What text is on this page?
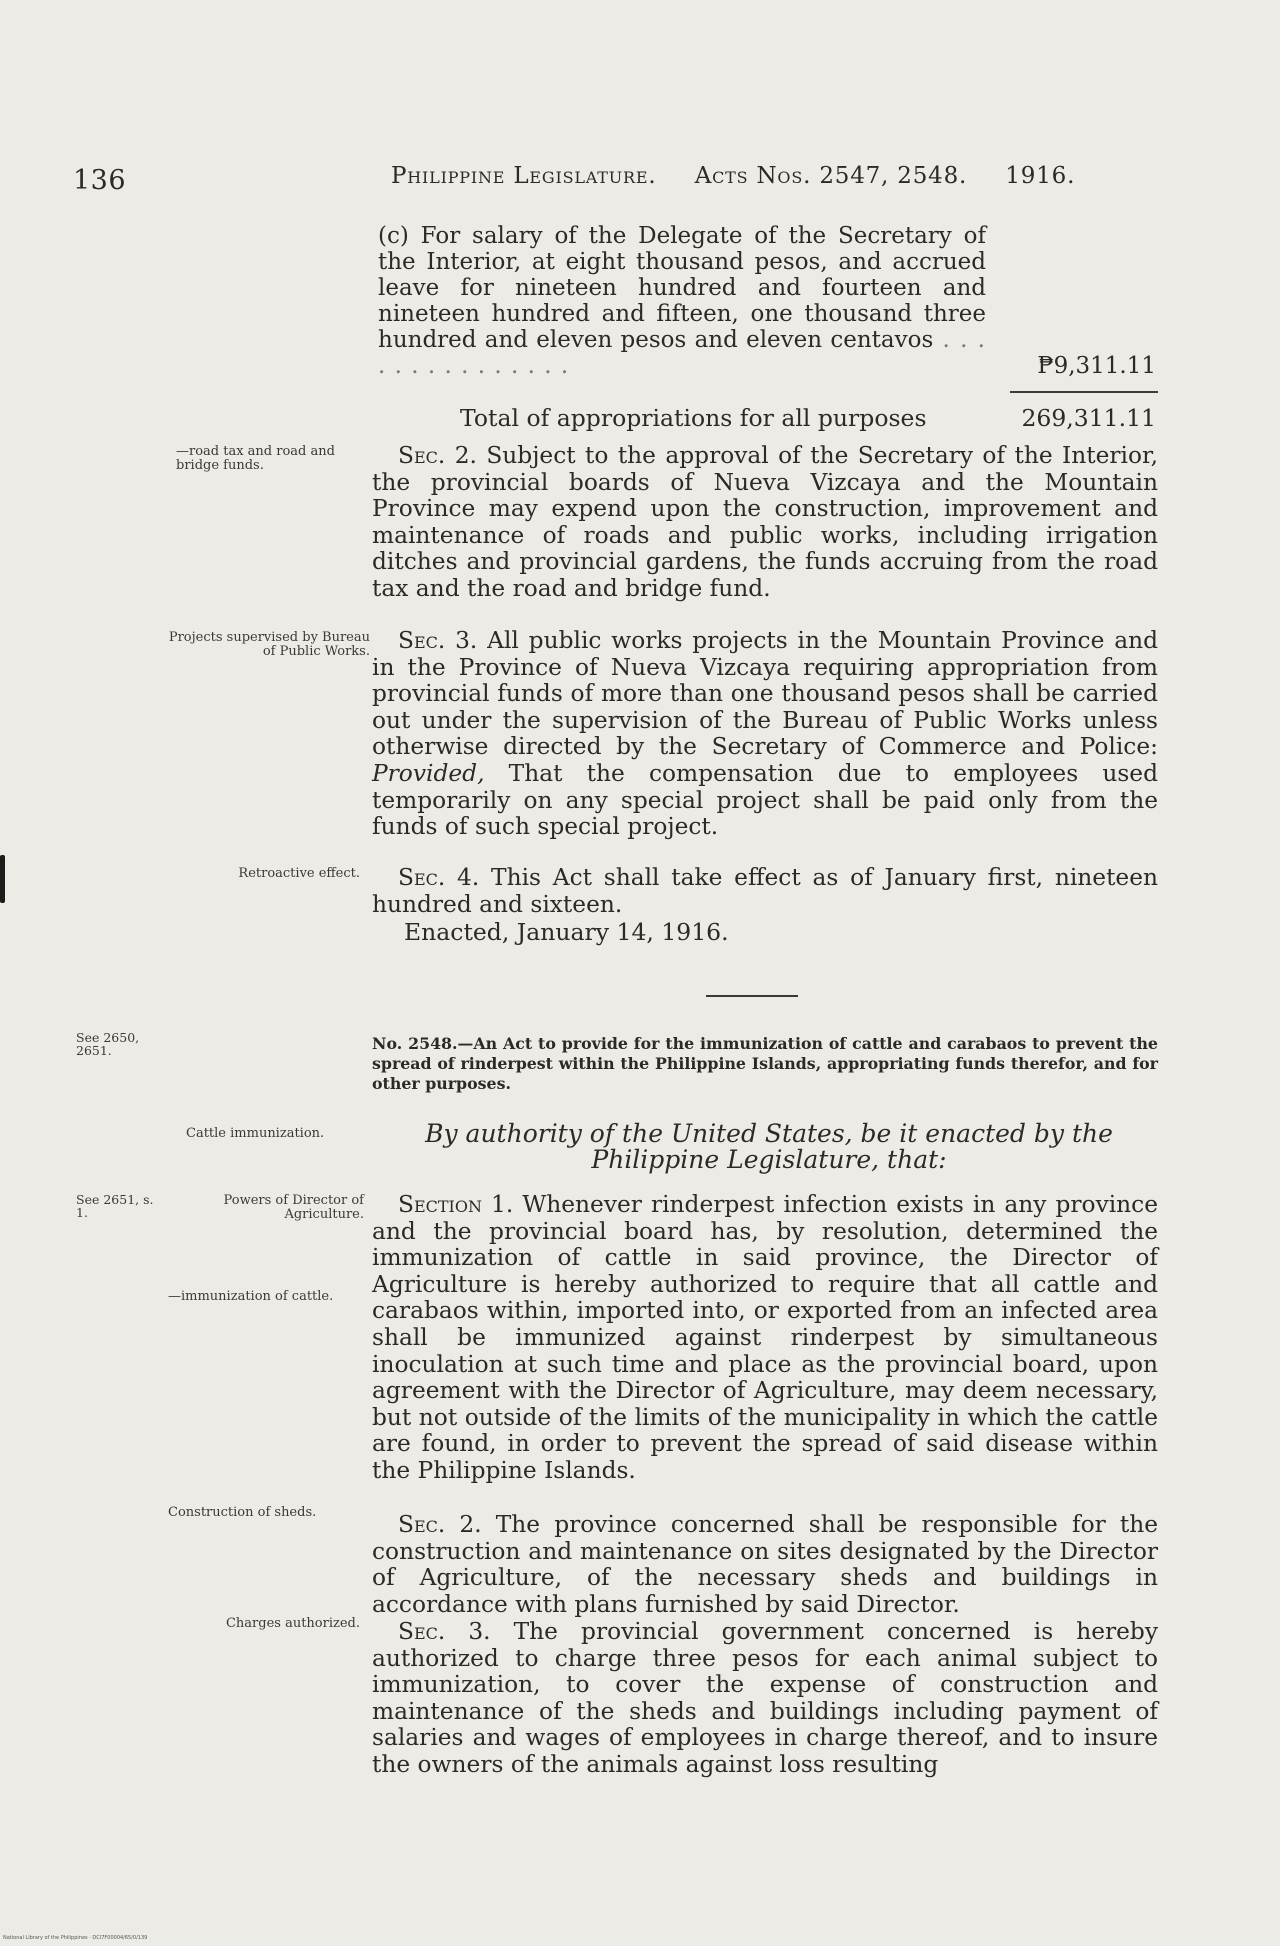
136	Philippine Legislature. Acts Nos. 2547, 2548. 1916.
(c) For salary of the Delegate of the Secretary of the Interior, at eight thousand pesos, and accrued leave for nineteen hundred and fourteen and nineteen hundred and fifteen, one thousand three hundred and eleven pesos and eleven centavos . . . . . . . . . . . . . . .	₱9,311.11
Total of appropriations for all purposes	269,311.11
—road tax and road and bridge funds.	Sec. 2. Subject to the approval of the Secretary of the Interior, the provincial boards of Nueva Vizcaya and the Mountain Province may expend upon the construction, improvement and maintenance of roads and public works, including irrigation ditches and provincial gardens, the funds accruing from the road tax and the road and bridge fund.
Projects supervised by Bureau of Public Works.	Sec. 3. All public works projects in the Mountain Province and in the Province of Nueva Vizcaya requiring appropriation from provincial funds of more than one thousand pesos shall be carried out under the supervision of the Bureau of Public Works unless otherwise directed by the Secretary of Commerce and Police: Provided, That the compensation due to employees used temporarily on any special project shall be paid only from the funds of such special project.
Retroactive effect.	Sec. 4. This Act shall take effect as of January first, nineteen hundred and sixteen.
Enacted, January 14, 1916.
See 2650, 2651.	No. 2548.—An Act to provide for the immunization of cattle and carabaos to prevent the spread of rinderpest within the Philippine Islands, appropriating funds therefor, and for other purposes.
Cattle immunization.	By authority of the United States, be it enacted by the
Philippine Legislature, that:
See 2651, s. 1.
Powers of Director of Agriculture.
—immunization of cattle.
Section 1. Whenever rinderpest infection exists in any province and the provincial board has, by resolution, determined the immunization of cattle in said province, the Director of Agriculture is hereby authorized to require that all cattle and carabaos within, imported into, or exported from an infected area shall be immunized against rinderpest by simultaneous inoculation at such time and place as the provincial board, upon agreement with the Director of Agriculture, may deem necessary, but not outside of the limits of the municipality in which the cattle are found, in order to prevent the spread of said disease within the Philippine Islands.
Construction of sheds.	Sec. 2. The province concerned shall be responsible for the construction and maintenance on sites designated by the Director of Agriculture, of the necessary sheds and buildings in accordance with plans furnished by said Director.
Charges authorized.	Sec. 3. The provincial government concerned is hereby authorized to charge three pesos for each animal subject to immunization, to cover the expense of construction and maintenance of the sheds and buildings including payment of salaries and wages of employees in charge thereof, and to insure the owners of the animals against loss resulting
National Library of the Philippines · DCI7F00004/65/0/139
